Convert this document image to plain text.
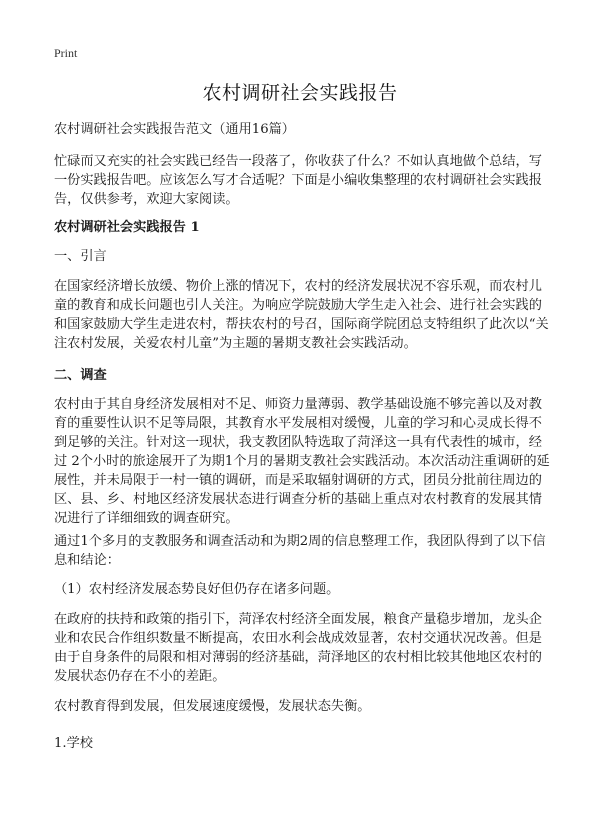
Print
农村调研社会实践报告
农村调研社会实践报告范文（通用16篇）
忙碌而又充实的社会实践已经告一段落了，你收获了什么？不如认真地做个总结，写一份实践报告吧。应该怎么写才合适呢？下面是小编收集整理的农村调研社会实践报告，仅供参考，欢迎大家阅读。
农村调研社会实践报告 1
一、引言
在国家经济增长放缓、物价上涨的情况下，农村的经济发展状况不容乐观，而农村儿童的教育和成长问题也引人关注。为响应学院鼓励大学生走入社会、进行社会实践的和国家鼓励大学生走进农村，帮扶农村的号召，国际商学院团总支特组织了此次以“关注农村发展，关爱农村儿童”为主题的暑期支教社会实践活动。
二、调查
农村由于其自身经济发展相对不足、师资力量薄弱、教学基础设施不够完善以及对教育的重要性认识不足等局限，其教育水平发展相对缓慢，儿童的学习和心灵成长得不到足够的关注。针对这一现状，我支教团队特选取了菏泽这一具有代表性的城市，经过 2个小时的旅途展开了为期1个月的暑期支教社会实践活动。本次活动注重调研的延展性，并未局限于一村一镇的调研，而是采取辐射调研的方式，团员分批前往周边的区、县、乡、村地区经济发展状态进行调查分析的基础上重点对农村教育的发展其情况进行了详细细致的调查研究。
通过1个多月的支教服务和调查活动和为期2周的信息整理工作，我团队得到了以下信息和结论：
（1）农村经济发展态势良好但仍存在诸多问题。
在政府的扶持和政策的指引下，菏泽农村经济全面发展，粮食产量稳步增加，龙头企业和农民合作组织数量不断提高，农田水利会战成效显著，农村交通状况改善。但是由于自身条件的局限和相对薄弱的经济基础，菏泽地区的农村相比较其他地区农村的发展状态仍存在不小的差距。
农村教育得到发展，但发展速度缓慢，发展状态失衡。
1.学校
